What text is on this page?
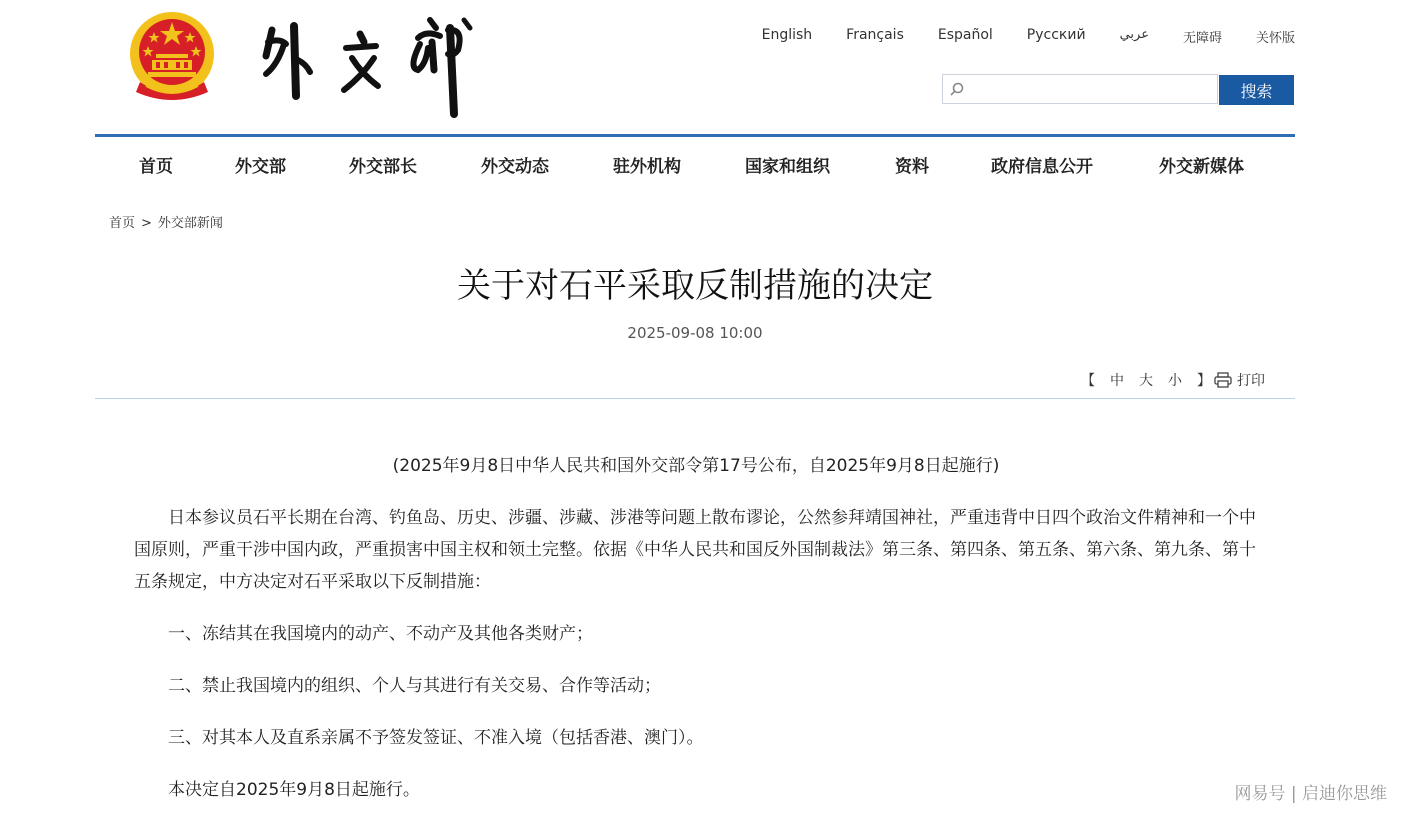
English Français Español Русский	عربي	无障碍	关怀版
搜索
首页	外交部	外交部长	外交动态	驻外机构	国家和组织	资料	政府信息公开	外交新媒体
首页 > 外交部新闻
关于对石平采取反制措施的决定
2025-09-08 10:00
【 中 大 小 】	打印

(2025年9月8日中华人民共和国外交部令第17号公布，自2025年9月8日起施行)

日本参议员石平长期在台湾、钓鱼岛、历史、涉疆、涉藏、涉港等问题上散布谬论，公然参拜靖国神社，严重违背中日四个政治文件精神和一个中国原则，严重干涉中国内政，严重损害中国主权和领土完整。依据《中华人民共和国反外国制裁法》第三条、第四条、第五条、第六条、第九条、第十五条规定，中方决定对石平采取以下反制措施：

一、冻结其在我国境内的动产、不动产及其他各类财产；

二、禁止我国境内的组织、个人与其进行有关交易、合作等活动；

三、对其本人及直系亲属不予签发签证、不准入境（包括香港、澳门）。

本决定自2025年9月8日起施行。	网易号 | 启迪你思维
